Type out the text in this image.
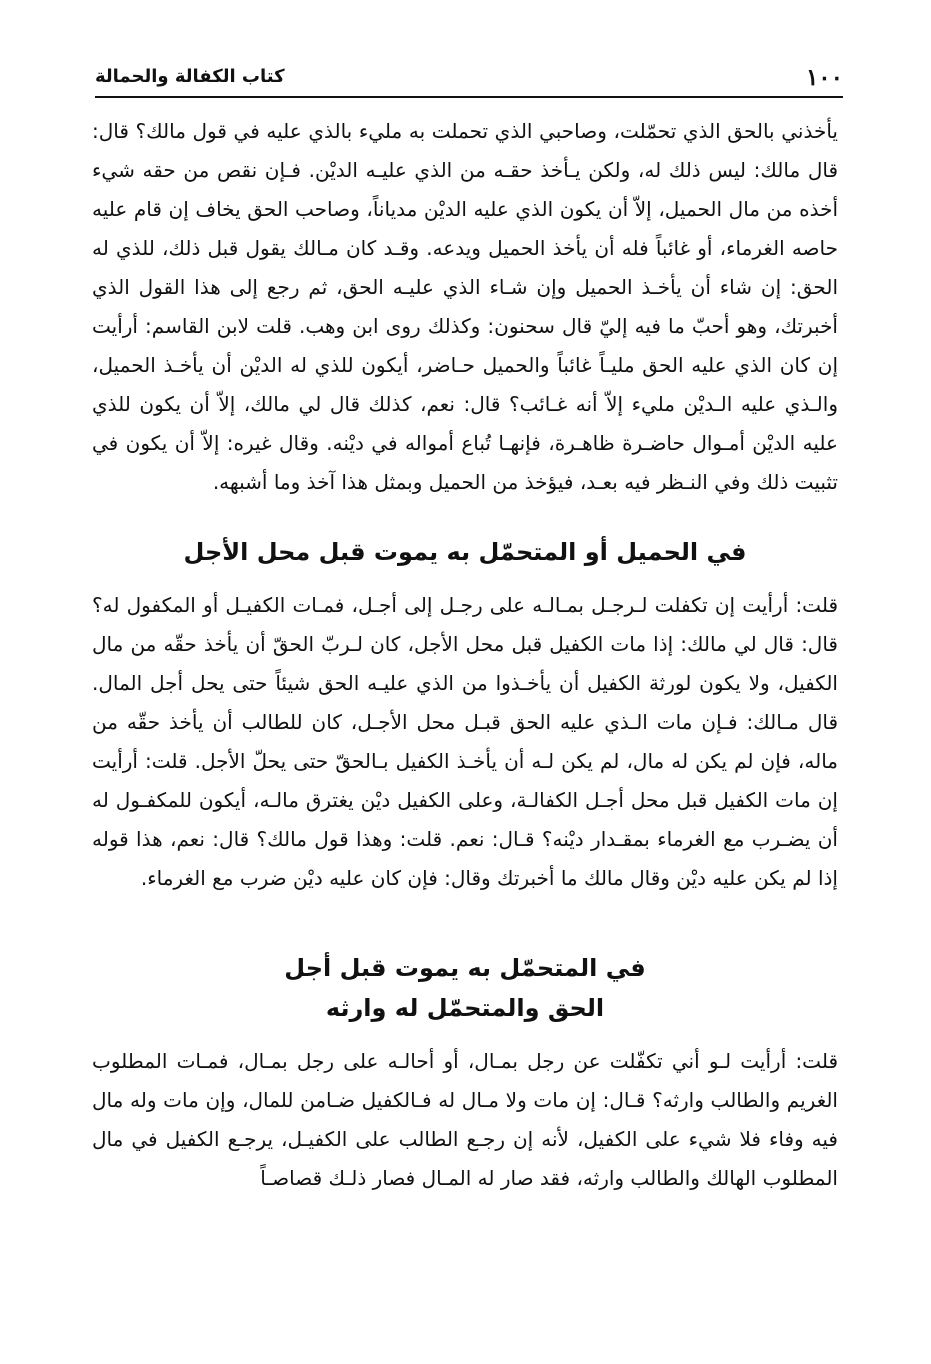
١٠٠
كتاب الكفالة والحمالة

يأخذني بالحق الذي تحمّلت، وصاحبي الذي تحملت به مليء بالذي عليه في قول مالك؟ قال: قال مالك: ليس ذلك له، ولكن يـأخذ حقـه من الذي عليـه الديْن. فـإن نقص من حقه شيء أخذه من مال الحميل، إلاّ أن يكون الذي عليه الديْن مدياناً، وصاحب الحق يخاف إن قام عليه حاصه الغرماء، أو غائباً فله أن يأخذ الحميل ويدعه. وقـد كان مـالك يقول قبل ذلك، للذي له الحق: إن شاء أن يأخـذ الحميل وإن شـاء الذي عليـه الحق، ثم رجع إلى هذا القول الذي أخبرتك، وهو أحبّ ما فيه إليّ قال سحنون: وكذلك روى ابن وهب. قلت لابن القاسم: أرأيت إن كان الذي عليه الحق مليـاً غائباً والحميل حـاضر، أيكون للذي له الديْن أن يأخـذ الحميل، والـذي عليه الـديْن مليء إلاّ أنه غـائب؟ قال: نعم، كذلك قال لي مالك، إلاّ أن يكون للذي عليه الديْن أمـوال حاضـرة ظاهـرة، فإنهـا تُباع أمواله في ديْنه. وقال غيره: إلاّ أن يكون في تثبيت ذلك وفي النـظر فيه بعـد، فيؤخذ من الحميل وبمثل هذا آخذ وما أشبهه.

في الحميل أو المتحمّل به يموت قبل محل الأجل

قلت: أرأيت إن تكفلت لـرجـل بمـالـه على رجـل إلى أجـل، فمـات الكفيـل أو المكفول له؟ قال: قال لي مالك: إذا مات الكفيل قبل محل الأجل، كان لـربّ الحقّ أن يأخذ حقّه من مال الكفيل، ولا يكون لورثة الكفيل أن يأخـذوا من الذي عليـه الحق شيئاً حتى يحل أجل المال. قال مـالك: فـإن مات الـذي عليه الحق قبـل محل الأجـل، كان للطالب أن يأخذ حقّه من ماله، فإن لم يكن له مال، لم يكن لـه أن يأخـذ الكفيل بـالحقّ حتى يحلّ الأجل. قلت: أرأيت إن مات الكفيل قبل محل أجـل الكفالـة، وعلى الكفيل ديْن يغترق مالـه، أيكون للمكفـول له أن يضـرب مع الغرماء بمقـدار ديْنه؟ قـال: نعم. قلت: وهذا قول مالك؟ قال: نعم، هذا قوله إذا لم يكن عليه ديْن وقال مالك ما أخبرتك وقال: فإن كان عليه ديْن ضرب مع الغرماء.

في المتحمّل به يموت قبل أجل
الحق والمتحمّل له وارثه

قلت: أرأيت لـو أني تكفّلت عن رجل بمـال، أو أحالـه على رجل بمـال، فمـات المطلوب الغريم والطالب وارثه؟ قـال: إن مات ولا مـال له فـالكفيل ضـامن للمال، وإن مات وله مال فيه وفاء فلا شيء على الكفيل، لأنه إن رجـع الطالب على الكفيـل، يرجـع الكفيل في مال المطلوب الهالك والطالب وارثه، فقد صار له المـال فصار ذلـك قصاصـاً
